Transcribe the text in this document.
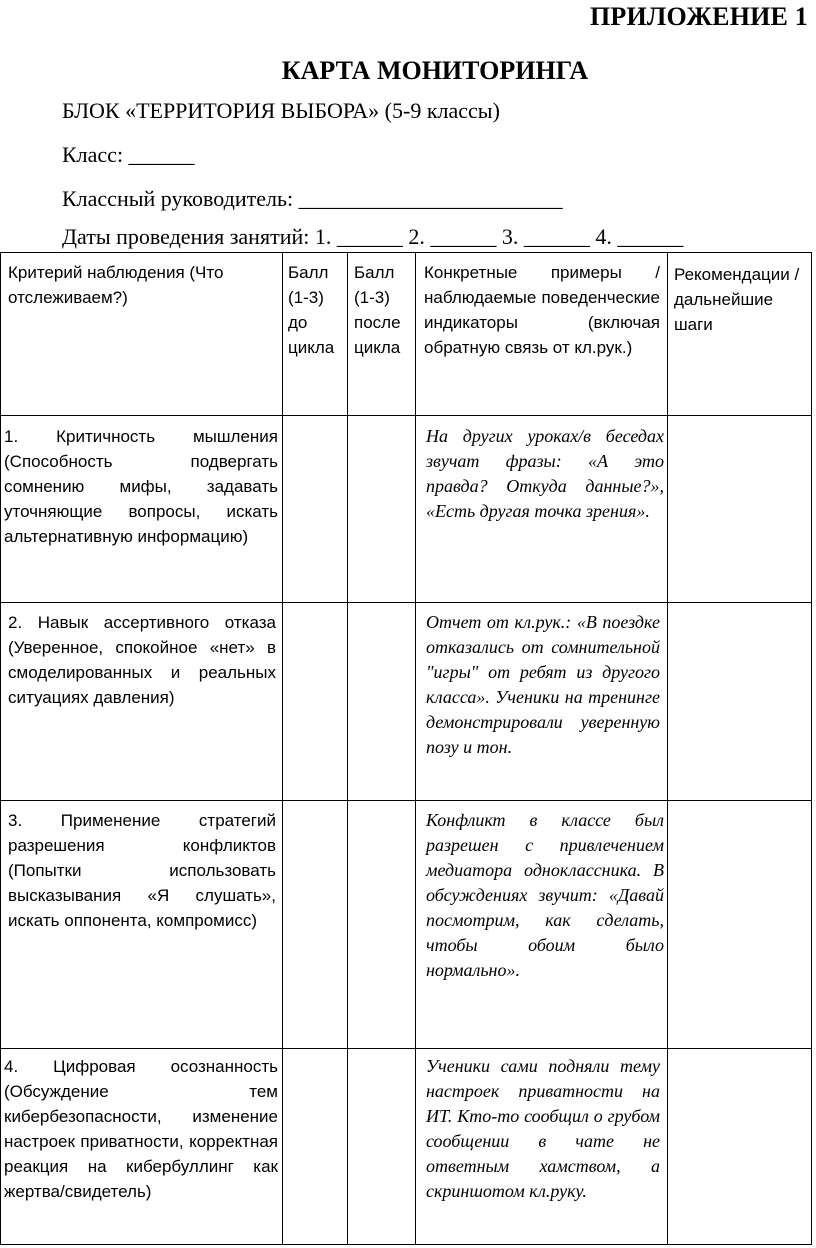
ПРИЛОЖЕНИЕ 1
КАРТА МОНИТОРИНГА
БЛОК «ТЕРРИТОРИЯ ВЫБОРА» (5-9 классы)
Класс: ______
Классный руководитель: ________________________
Даты проведения занятий: 1. ______ 2. ______ 3. ______ 4. ______
Критерий наблюдения (Что отслеживаем?)
Балл (1-3) до цикла
Балл (1-3) после цикла
Конкретные примеры / наблюдаемые поведенческие индикаторы (включая обратную связь от кл.рук.)
Рекомендации / дальнейшие шаги
1. Критичность мышления (Способность подвергать сомнению мифы, задавать уточняющие вопросы, искать альтернативную информацию)
На других уроках/в беседах звучат фразы: «А это правда? Откуда данные?», «Есть другая точка зрения».
2. Навык ассертивного отказа (Уверенное, спокойное «нет» в смоделированных и реальных ситуациях давления)
Отчет от кл.рук.: «В поездке отказались от сомнительной "игры" от ребят из другого класса». Ученики на тренинге демонстрировали уверенную позу и тон.
3. Применение стратегий разрешения конфликтов (Попытки использовать высказывания «Я слушать», искать оппонента, компромисс)
Конфликт в классе был разрешен с привлечением медиатора одноклассника. В обсуждениях звучит: «Давай посмотрим, как сделать, чтобы обоим было нормально».
4. Цифровая осознанность (Обсуждение тем кибербезопасности, изменение настроек приватности, корректная реакция на кибербуллинг как жертва/свидетель)
Ученики сами подняли тему настроек приватности на ИТ. Кто-то сообщил о грубом сообщении в чате не ответным хамством, а скриншотом кл.руку.
